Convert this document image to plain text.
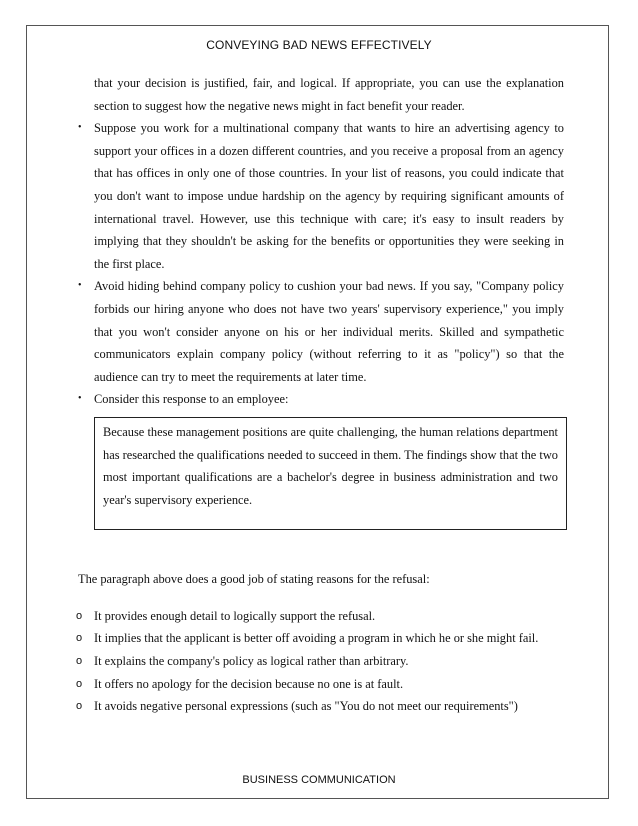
CONVEYING BAD NEWS EFFECTIVELY

that your decision is justified, fair, and logical. If appropriate, you can use the explanation section to suggest how the negative news might in fact benefit your reader.

• Suppose you work for a multinational company that wants to hire an advertising agency to support your offices in a dozen different countries, and you receive a proposal from an agency that has offices in only one of those countries. In your list of reasons, you could indicate that you don't want to impose undue hardship on the agency by requiring significant amounts of international travel. However, use this technique with care; it's easy to insult readers by implying that they shouldn't be asking for the benefits or opportunities they were seeking in the first place.

• Avoid hiding behind company policy to cushion your bad news. If you say, "Company policy forbids our hiring anyone who does not have two years' supervisory experience," you imply that you won't consider anyone on his or her individual merits. Skilled and sympathetic communicators explain company policy (without referring to it as "policy") so that the audience can try to meet the requirements at later time.

• Consider this response to an employee:

Because these management positions are quite challenging, the human relations department has researched the qualifications needed to succeed in them. The findings show that the two most important qualifications are a bachelor's degree in business administration and two year's supervisory experience.

The paragraph above does a good job of stating reasons for the refusal:

o It provides enough detail to logically support the refusal.

o It implies that the applicant is better off avoiding a program in which he or she might fail.

o It explains the company's policy as logical rather than arbitrary.

o It offers no apology for the decision because no one is at fault.

o It avoids negative personal expressions (such as "You do not meet our requirements")

BUSINESS COMMUNICATION
